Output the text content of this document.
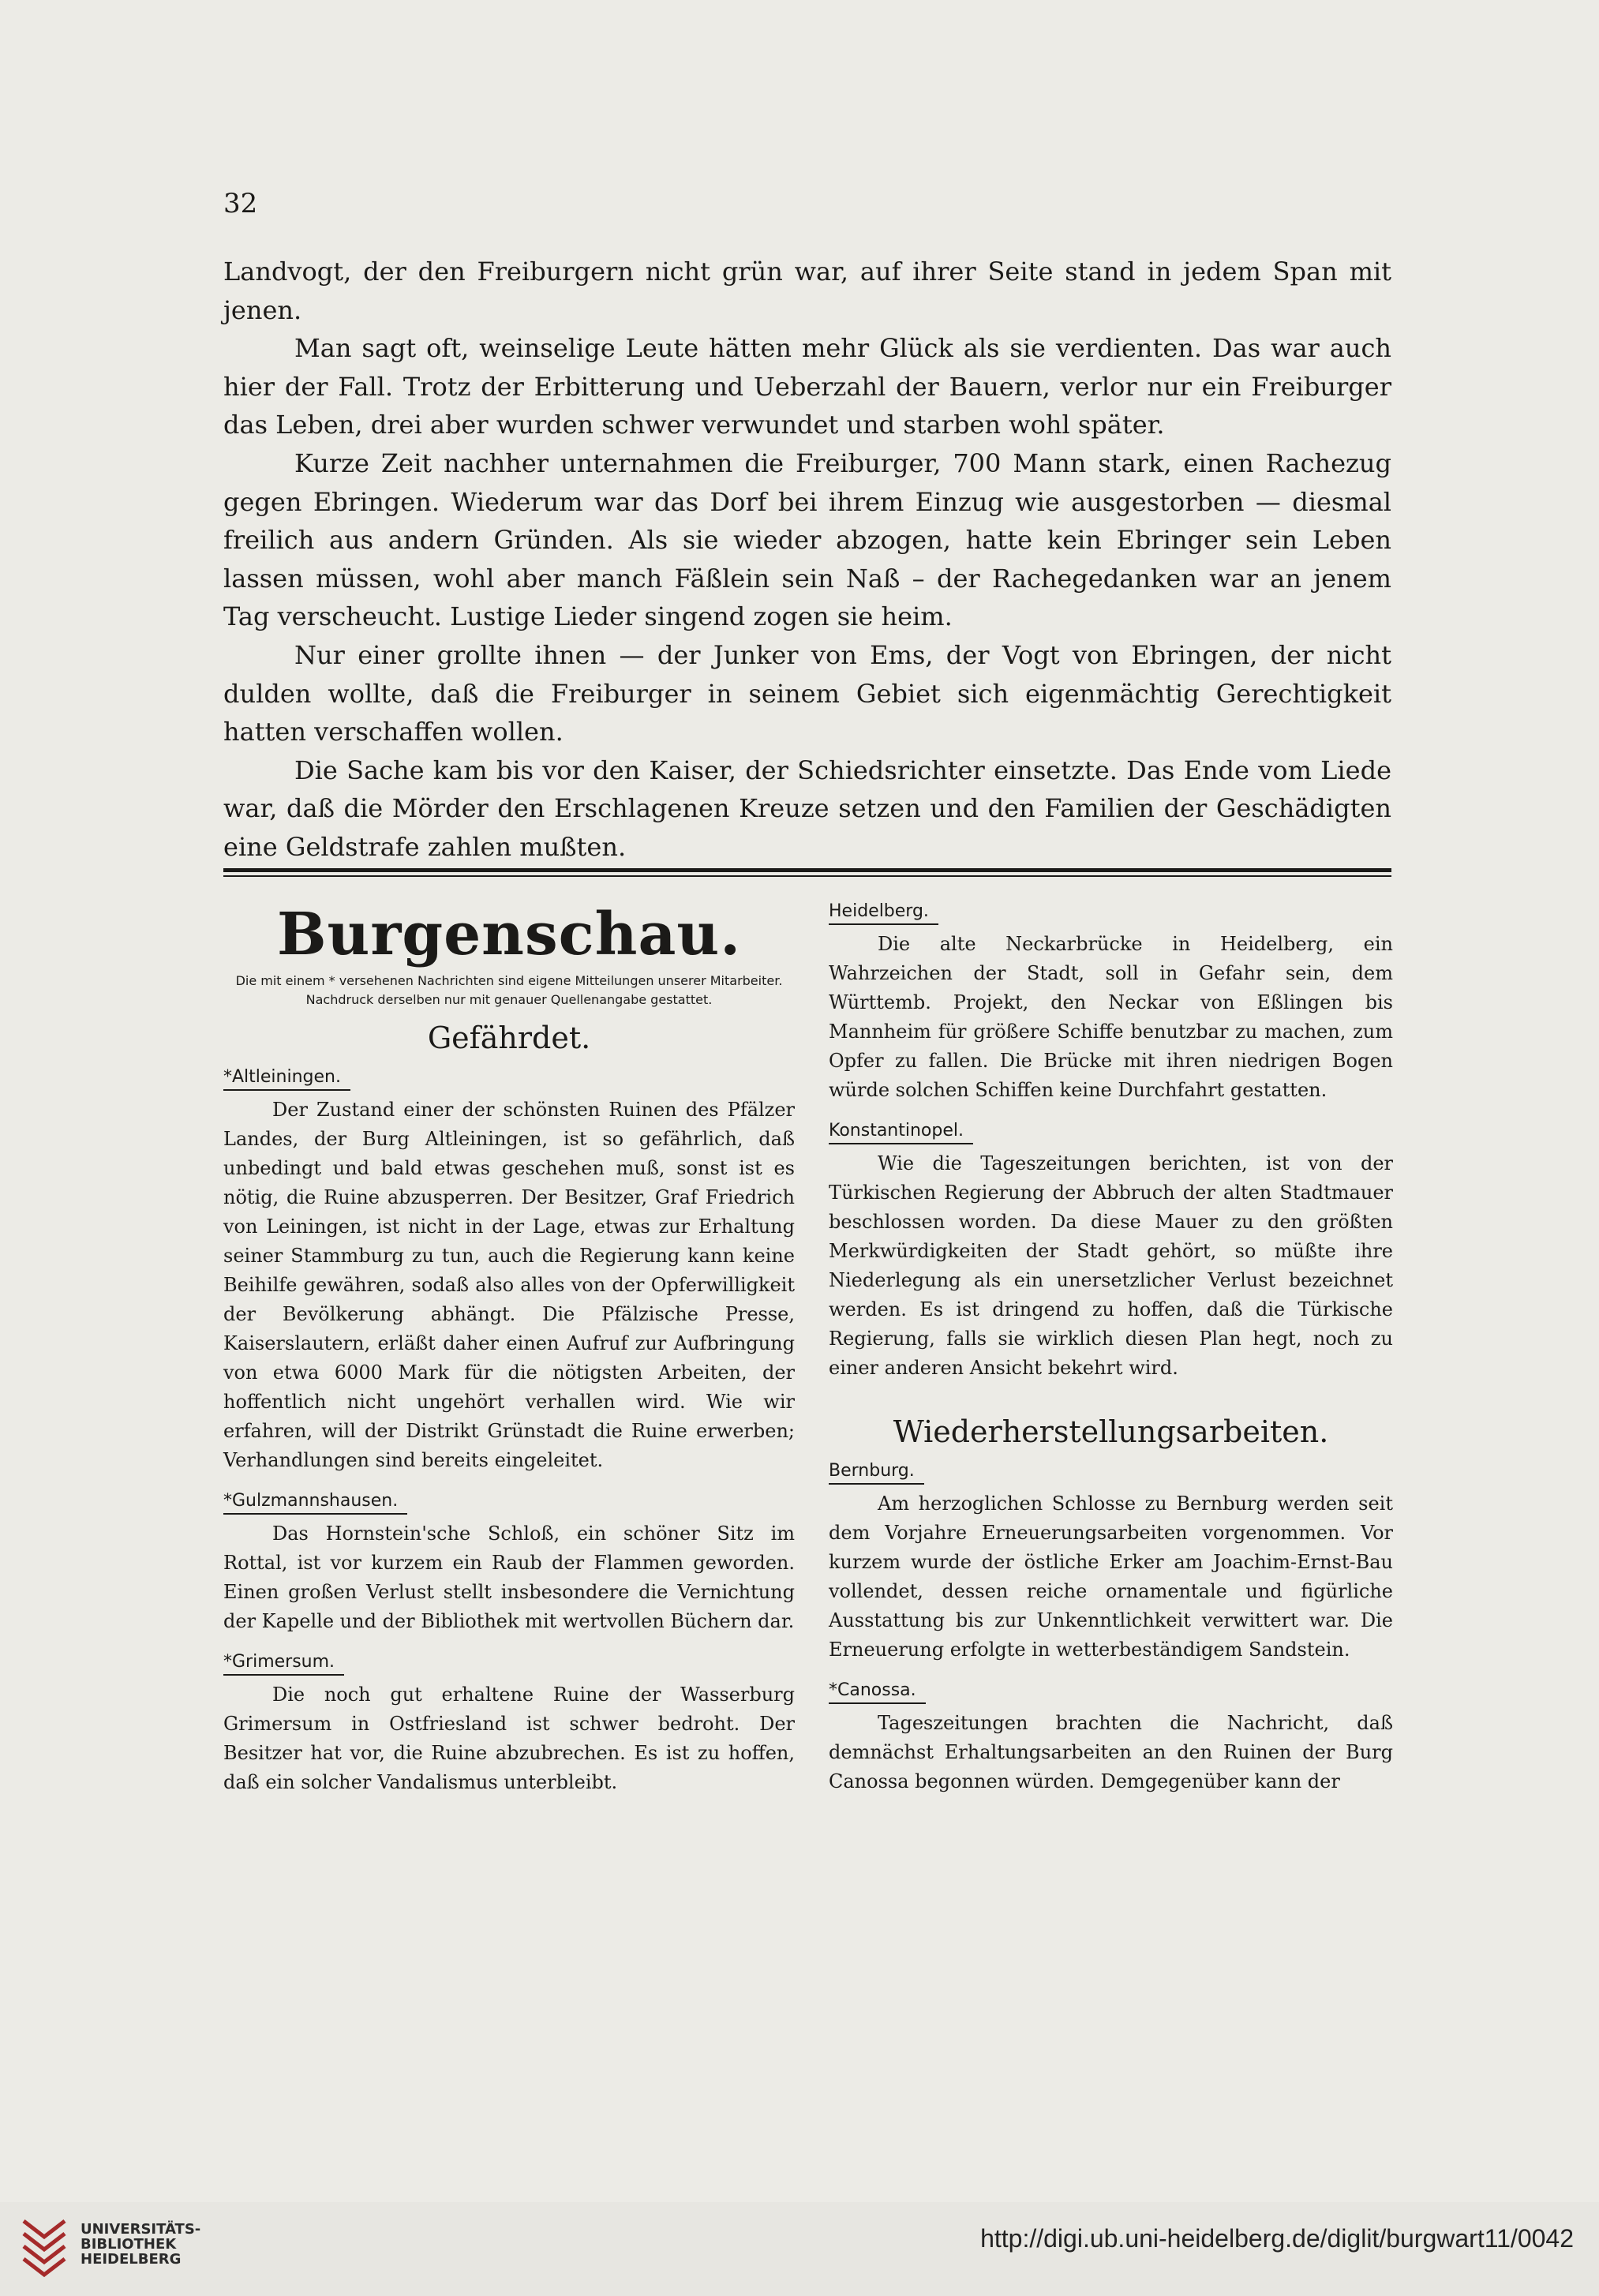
32

Landvogt, der den Freiburgern nicht grün war, auf ihrer Seite stand in jedem Span mit jenen.

Man sagt oft, weinselige Leute hätten mehr Glück als sie verdienten. Das war auch hier der Fall. Trotz der Erbitterung und Ueberzahl der Bauern, verlor nur ein Freiburger das Leben, drei aber wurden schwer verwundet und starben wohl später.

Kurze Zeit nachher unternahmen die Freiburger, 700 Mann stark, einen Rachezug gegen Ebringen. Wiederum war das Dorf bei ihrem Einzug wie ausgestorben — diesmal freilich aus andern Gründen. Als sie wieder abzogen, hatte kein Ebringer sein Leben lassen müssen, wohl aber manch Fäßlein sein Naß – der Rachegedanken war an jenem Tag verscheucht. Lustige Lieder singend zogen sie heim.

Nur einer grollte ihnen — der Junker von Ems, der Vogt von Ebringen, der nicht dulden wollte, daß die Freiburger in seinem Gebiet sich eigenmächtig Gerechtigkeit hatten verschaffen wollen.

Die Sache kam bis vor den Kaiser, der Schiedsrichter einsetzte. Das Ende vom Liede war, daß die Mörder den Erschlagenen Kreuze setzen und den Familien der Geschädigten eine Geldstrafe zahlen mußten.

Burgenschau.
Die mit einem * versehenen Nachrichten sind eigene Mitteilungen unserer Mitarbeiter. Nachdruck derselben nur mit genauer Quellenangabe gestattet.
Gefährdet.
*Altleiningen.

Der Zustand einer der schönsten Ruinen des Pfälzer Landes, der Burg Altleiningen, ist so gefährlich, daß unbedingt und bald etwas geschehen muß, sonst ist es nötig, die Ruine abzusperren. Der Besitzer, Graf Friedrich von Leiningen, ist nicht in der Lage, etwas zur Erhaltung seiner Stammburg zu tun, auch die Regierung kann keine Beihilfe gewähren, sodaß also alles von der Opferwilligkeit der Bevölkerung abhängt. Die Pfälzische Presse, Kaiserslautern, erläßt daher einen Aufruf zur Aufbringung von etwa 6000 Mark für die nötigsten Arbeiten, der hoffentlich nicht ungehört verhallen wird. Wie wir erfahren, will der Distrikt Grünstadt die Ruine erwerben; Verhandlungen sind bereits eingeleitet.

*Gulzmannshausen.

Das Hornstein'sche Schloß, ein schöner Sitz im Rottal, ist vor kurzem ein Raub der Flammen geworden. Einen großen Verlust stellt insbesondere die Vernichtung der Kapelle und der Bibliothek mit wertvollen Büchern dar.

*Grimersum.

Die noch gut erhaltene Ruine der Wasserburg Grimersum in Ostfriesland ist schwer bedroht. Der Besitzer hat vor, die Ruine abzubrechen. Es ist zu hoffen, daß ein solcher Vandalismus unterbleibt.

Heidelberg.

Die alte Neckarbrücke in Heidelberg, ein Wahrzeichen der Stadt, soll in Gefahr sein, dem Württemb. Projekt, den Neckar von Eßlingen bis Mannheim für größere Schiffe benutzbar zu machen, zum Opfer zu fallen. Die Brücke mit ihren niedrigen Bogen würde solchen Schiffen keine Durchfahrt gestatten.

Konstantinopel.

Wie die Tageszeitungen berichten, ist von der Türkischen Regierung der Abbruch der alten Stadtmauer beschlossen worden. Da diese Mauer zu den größten Merkwürdigkeiten der Stadt gehört, so müßte ihre Niederlegung als ein unersetzlicher Verlust bezeichnet werden. Es ist dringend zu hoffen, daß die Türkische Regierung, falls sie wirklich diesen Plan hegt, noch zu einer anderen Ansicht bekehrt wird.

Wiederherstellungsarbeiten.
Bernburg.

Am herzoglichen Schlosse zu Bernburg werden seit dem Vorjahre Erneuerungsarbeiten vorgenommen. Vor kurzem wurde der östliche Erker am Joachim-Ernst-Bau vollendet, dessen reiche ornamentale und figürliche Ausstattung bis zur Unkenntlichkeit verwittert war. Die Erneuerung erfolgte in wetterbeständigem Sandstein.

*Canossa.

Tageszeitungen brachten die Nachricht, daß demnächst Erhaltungsarbeiten an den Ruinen der Burg Canossa begonnen würden. Demgegenüber kann der

UNIVERSITÄTS-
BIBLIOTHEK
HEIDELBERG
http://digi.ub.uni-heidelberg.de/diglit/burgwart11/0042
